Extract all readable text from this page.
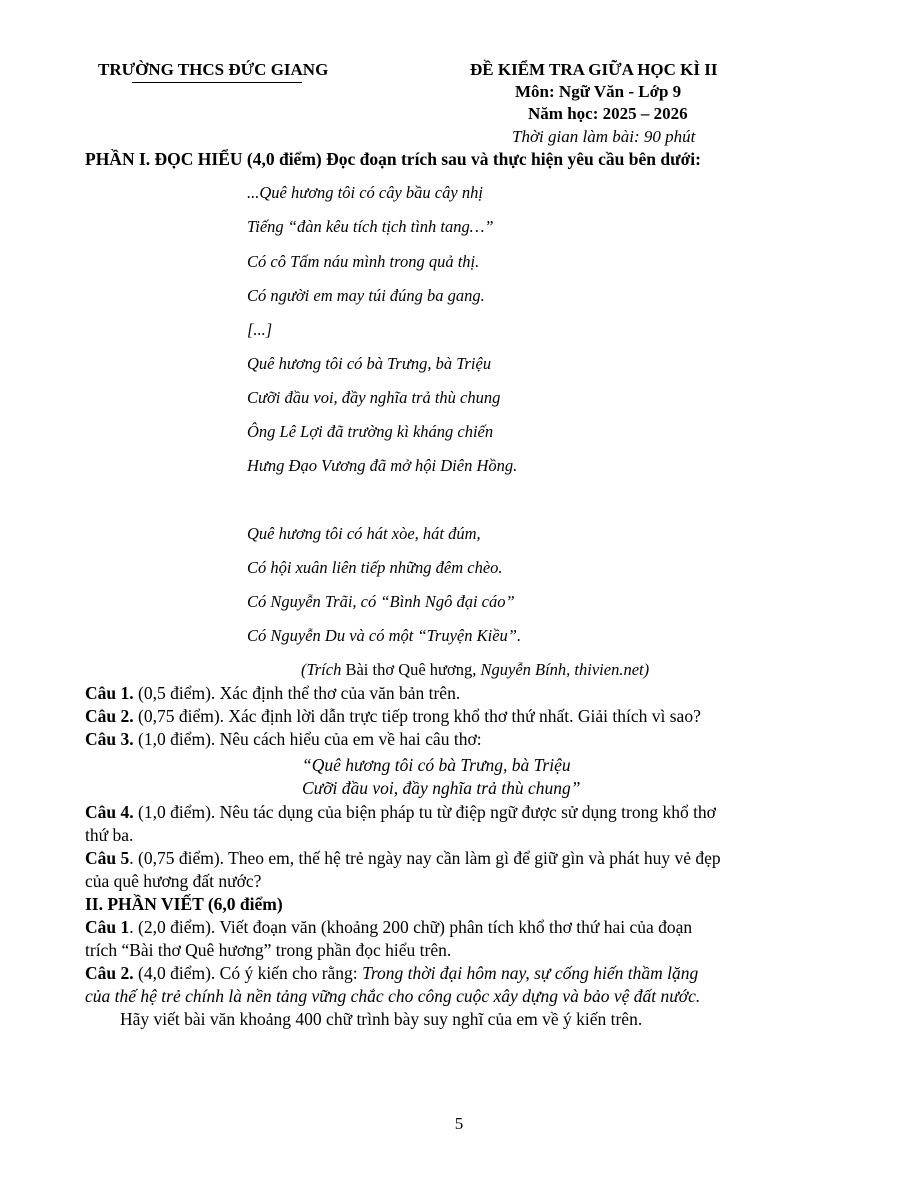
TRƯỜNG THCS ĐỨC GIANG	ĐỀ KIỂM TRA GIỮA HỌC KÌ II
Môn: Ngữ Văn - Lớp 9
Năm học: 2025 – 2026
Thời gian làm bài: 90 phút
PHẦN I. ĐỌC HIỂU (4,0 điểm) Đọc đoạn trích sau và thực hiện yêu cầu bên dưới:
...Quê hương tôi có cây bầu cây nhị
Tiếng “đàn kêu tích tịch tình tang…”
Có cô Tấm náu mình trong quả thị.
Có người em may túi đúng ba gang.
[...]
Quê hương tôi có bà Trưng, bà Triệu
Cưỡi đầu voi, đầy nghĩa trả thù chung
Ông Lê Lợi đã trường kì kháng chiến
Hưng Đạo Vương đã mở hội Diên Hồng.
Quê hương tôi có hát xòe, hát đúm,
Có hội xuân liên tiếp những đêm chèo.
Có Nguyễn Trãi, có “Bình Ngô đại cáo”
Có Nguyễn Du và có một “Truyện Kiều”.
(Trích Bài thơ Quê hương, Nguyễn Bính, thivien.net)
Câu 1. (0,5 điểm). Xác định thể thơ của văn bản trên.
Câu 2. (0,75 điểm). Xác định lời dẫn trực tiếp trong khổ thơ thứ nhất. Giải thích vì sao?
Câu 3. (1,0 điểm). Nêu cách hiểu của em về hai câu thơ:
“Quê hương tôi có bà Trưng, bà Triệu
Cưỡi đầu voi, đầy nghĩa trả thù chung”
Câu 4. (1,0 điểm). Nêu tác dụng của biện pháp tu từ điệp ngữ được sử dụng trong khổ thơ
thứ ba.
Câu 5. (0,75 điểm). Theo em, thế hệ trẻ ngày nay cần làm gì để giữ gìn và phát huy vẻ đẹp
của quê hương đất nước?
II. PHẦN VIẾT (6,0 điểm)
Câu 1. (2,0 điểm). Viết đoạn văn (khoảng 200 chữ) phân tích khổ thơ thứ hai của đoạn
trích “Bài thơ Quê hương” trong phần đọc hiểu trên.
Câu 2. (4,0 điểm). Có ý kiến cho rằng: Trong thời đại hôm nay, sự cống hiến thầm lặng
của thế hệ trẻ chính là nền tảng vững chắc cho công cuộc xây dựng và bảo vệ đất nước.
Hãy viết bài văn khoảng 400 chữ trình bày suy nghĩ của em về ý kiến trên.
5
